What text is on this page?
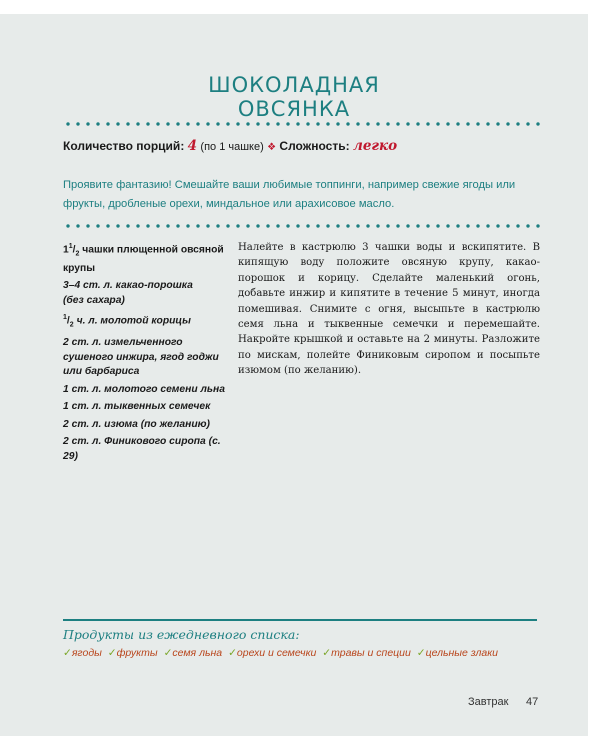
ШОКОЛАДНАЯ
ОВСЯНКА
Количество порций: 4 (по 1 чашке) ❖ Сложность: легко
Проявите фантазию! Смешайте ваши любимые топпинги, например свежие ягоды или фрукты, дробленые орехи, миндальное или арахисовое масло.
$1^1/_2$ чашки плющенной овсяной крупы
3–4 ст. л. какао-порошка
(без сахара)
$^1/_2$ ч. л. молотой корицы
2 ст. л. измельченного сушеного инжира, ягод годжи или барбариса
1 ст. л. молотого семени льна
1 ст. л. тыквенных семечек
2 ст. л. изюма (по желанию)
2 ст. л. Финикового сиропа (с. 29)
Налейте в кастрюлю 3 чашки воды и вскипятите. В кипящую воду положите овсяную крупу, какао-порошок и корицу. Сделайте маленький огонь, добавьте инжир и кипятите в течение 5 минут, иногда помешивая. Снимите с огня, высыпьте в кастрюлю семя льна и тыквенные семечки и перемешайте. Накройте крышкой и оставьте на 2 минуты. Разложите по мискам, полейте Финиковым сиропом и посыпьте изюмом (по желанию).
Продукты из ежедневного списка:
✓ягоды ✓фрукты ✓семя льна ✓орехи и семечки ✓травы и специи ✓цельные злаки
Завтрак 47
